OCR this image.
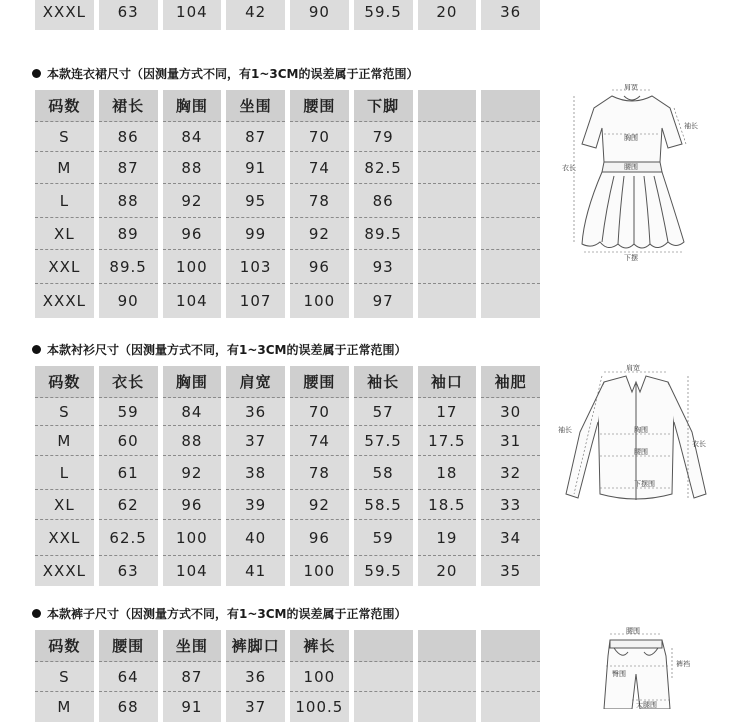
XXXL	63	104	42	90	59.5	20	36
本款连衣裙尺寸（因测量方式不同，有1~3CM的误差属于正常范围）
码数	裙长	胸围	坐围	腰围	下脚		
S	86	84	87	70	79		
M	87	88	91	74	82.5		
L	88	92	95	78	86		
XL	89	96	99	92	89.5		
XXL	89.5	100	103	96	93		
XXXL	90	104	107	100	97		
肩宽
袖长
胸围
腰围
衣长
下摆
本款衬衫尺寸（因测量方式不同，有1~3CM的误差属于正常范围）
码数	衣长	胸围	肩宽	腰围	袖长	袖口	袖肥
S	59	84	36	70	57	17	30
M	60	88	37	74	57.5	17.5	31
L	61	92	38	78	58	18	32
XL	62	96	39	92	58.5	18.5	33
XXL	62.5	100	40	96	59	19	34
XXXL	63	104	41	100	59.5	20	35
肩宽
袖长	胸围
腰围
衣长
下摆围
本款裤子尺寸（因测量方式不同，有1~3CM的误差属于正常范围）
码数	腰围	坐围	裤脚口	裤长			
S	64	87	36	100			
M	68	91	37	100.5			
腰围
裤裆
臀围
大腿围
